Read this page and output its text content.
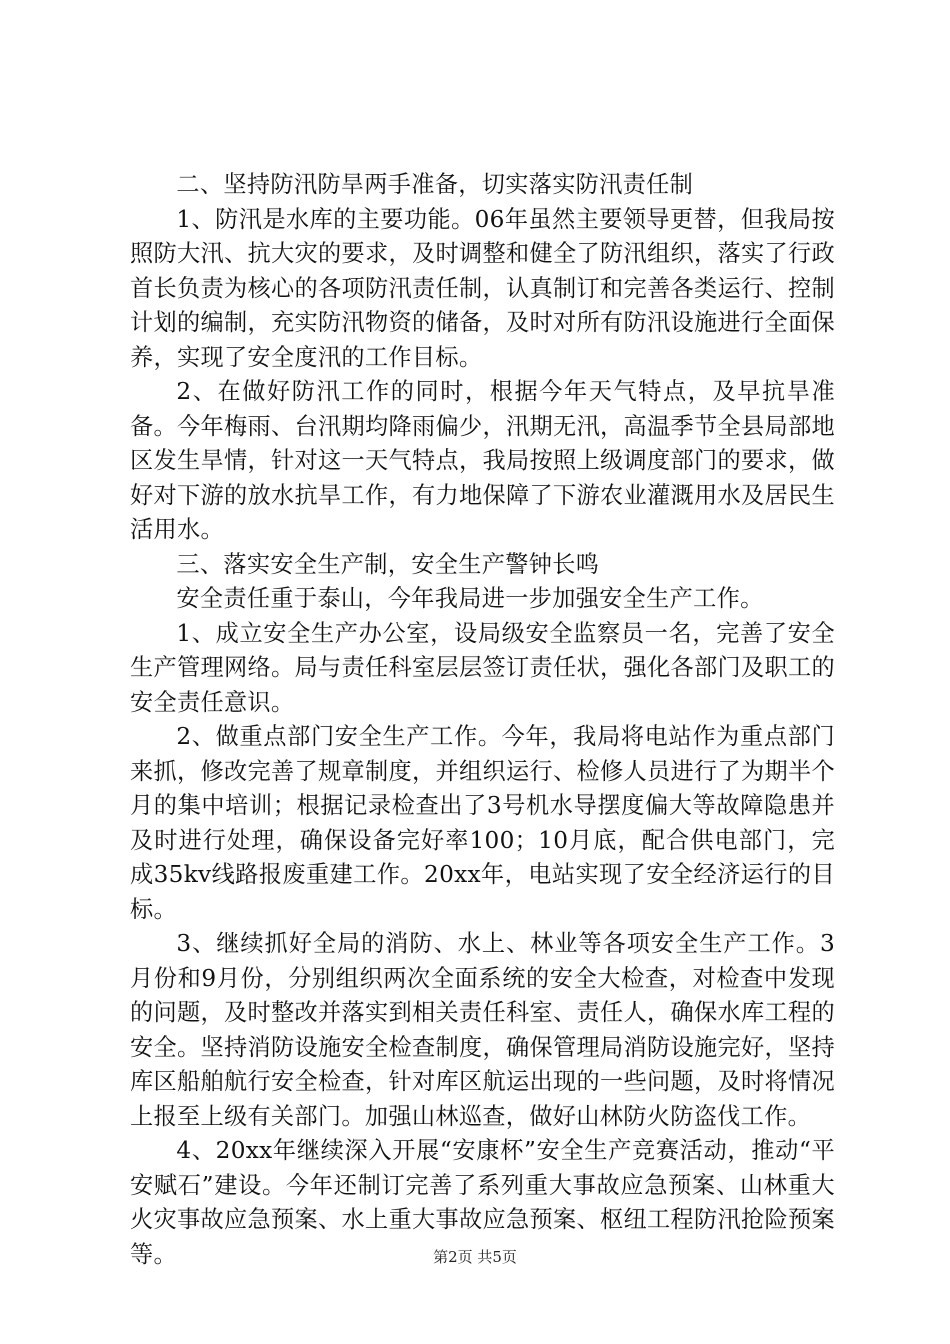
二、坚持防汛防旱两手准备，切实落实防汛责任制

1、防汛是水库的主要功能。06年虽然主要领导更替，但我局按照防大汛、抗大灾的要求，及时调整和健全了防汛组织，落实了行政首长负责为核心的各项防汛责任制，认真制订和完善各类运行、控制计划的编制，充实防汛物资的储备，及时对所有防汛设施进行全面保养，实现了安全度汛的工作目标。

2、在做好防汛工作的同时，根据今年天气特点，及早抗旱准备。今年梅雨、台汛期均降雨偏少，汛期无汛，高温季节全县局部地区发生旱情，针对这一天气特点，我局按照上级调度部门的要求，做好对下游的放水抗旱工作，有力地保障了下游农业灌溉用水及居民生活用水。

三、落实安全生产制，安全生产警钟长鸣

安全责任重于泰山，今年我局进一步加强安全生产工作。

1、成立安全生产办公室，设局级安全监察员一名，完善了安全生产管理网络。局与责任科室层层签订责任状，强化各部门及职工的安全责任意识。

2、做重点部门安全生产工作。今年，我局将电站作为重点部门来抓，修改完善了规章制度，并组织运行、检修人员进行了为期半个月的集中培训；根据记录检查出了3号机水导摆度偏大等故障隐患并及时进行处理，确保设备完好率100；10月底，配合供电部门，完成35kv线路报废重建工作。20xx年，电站实现了安全经济运行的目标。

3、继续抓好全局的消防、水上、林业等各项安全生产工作。3月份和9月份，分别组织两次全面系统的安全大检查，对检查中发现的问题，及时整改并落实到相关责任科室、责任人，确保水库工程的安全。坚持消防设施安全检查制度，确保管理局消防设施完好，坚持库区船舶航行安全检查，针对库区航运出现的一些问题，及时将情况上报至上级有关部门。加强山林巡查，做好山林防火防盗伐工作。

4、20xx年继续深入开展“安康杯”安全生产竞赛活动，推动“平安赋石”建设。今年还制订完善了系列重大事故应急预案、山林重大火灾事故应急预案、水上重大事故应急预案、枢纽工程防汛抢险预案等。	第2页 共5页
